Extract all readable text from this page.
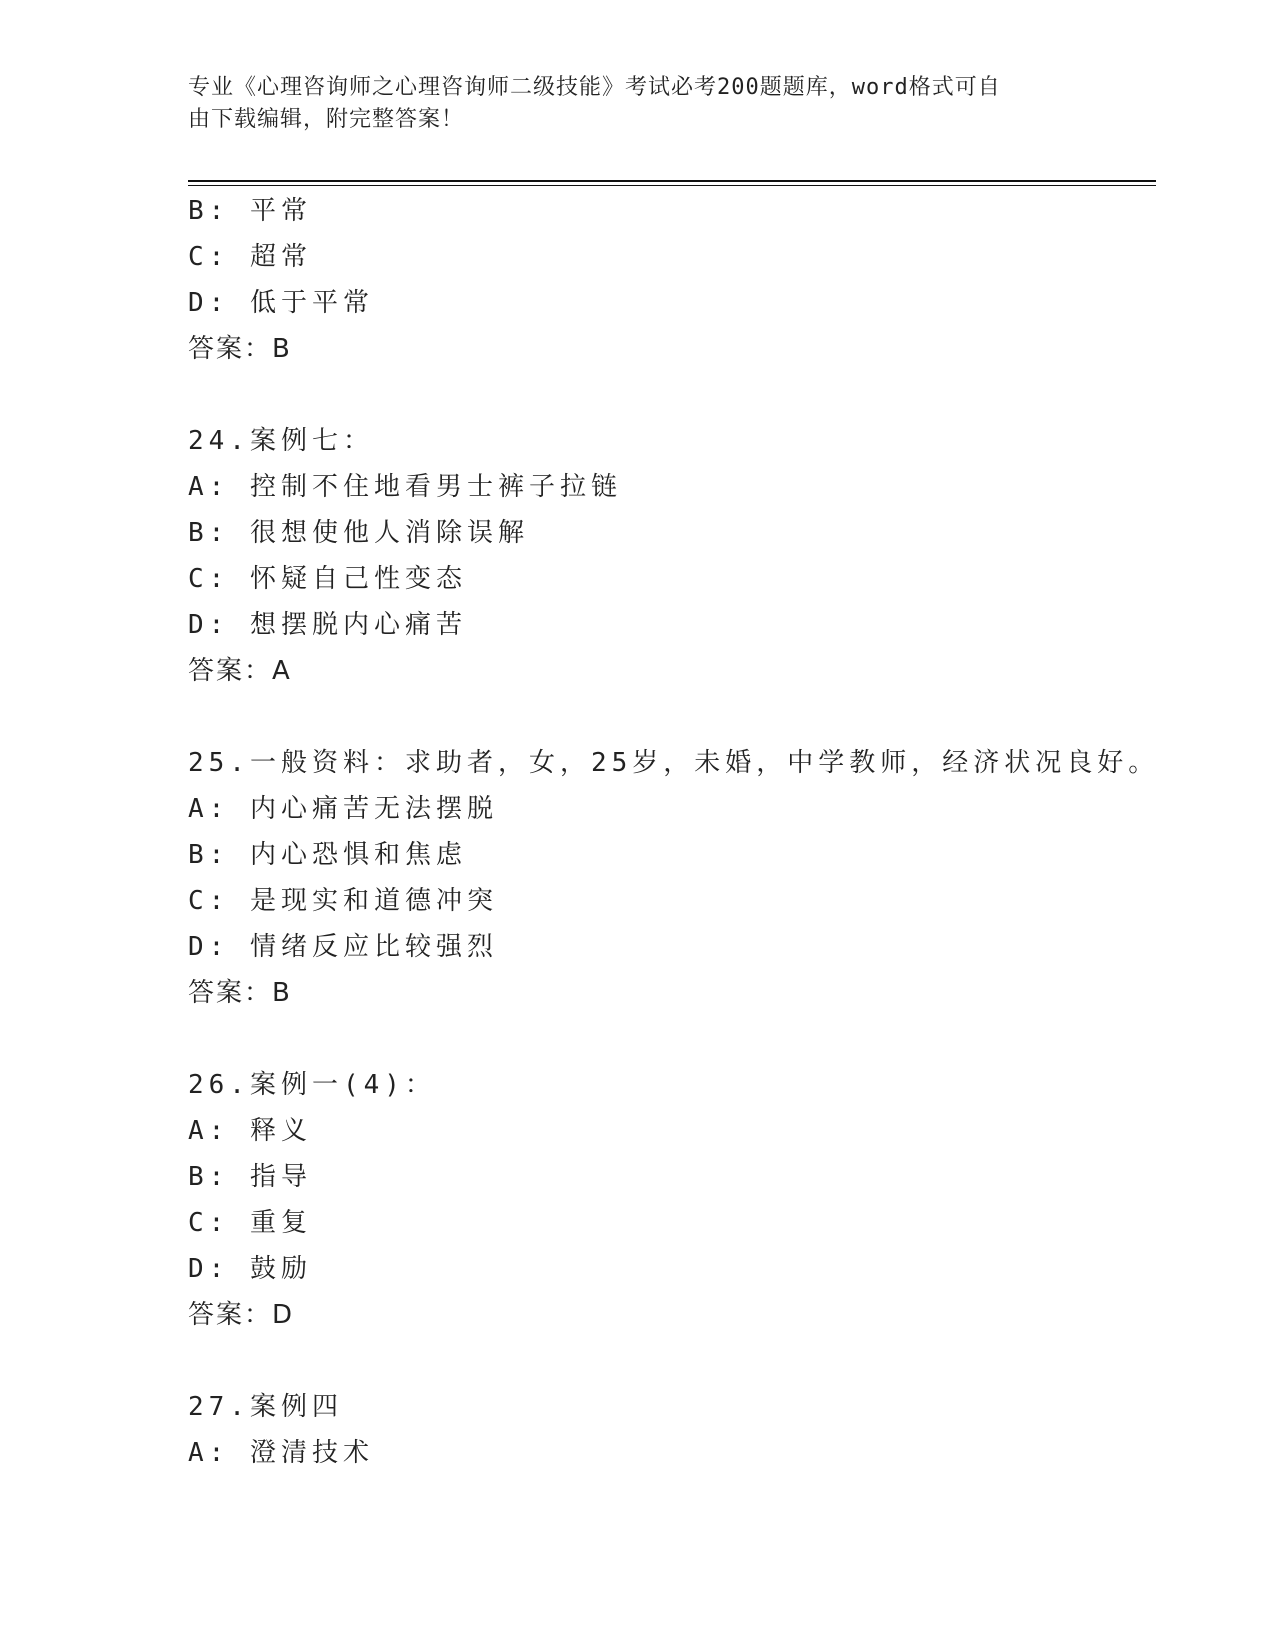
专业《心理咨询师之心理咨询师二级技能》考试必考200题题库，word格式可自
由下载编辑，附完整答案！
B: 平常
C: 超常
D: 低于平常
答案：B
24.案例七：
A: 控制不住地看男士裤子拉链
B: 很想使他人消除误解
C: 怀疑自己性变态
D: 想摆脱内心痛苦
答案：A
25.一般资料：求助者，女，25岁，未婚，中学教师，经济状况良好。
A: 内心痛苦无法摆脱
B: 内心恐惧和焦虑
C: 是现实和道德冲突
D: 情绪反应比较强烈
答案：B
26.案例一(4)：
A: 释义
B: 指导
C: 重复
D: 鼓励
答案：D
27.案例四
A: 澄清技术
